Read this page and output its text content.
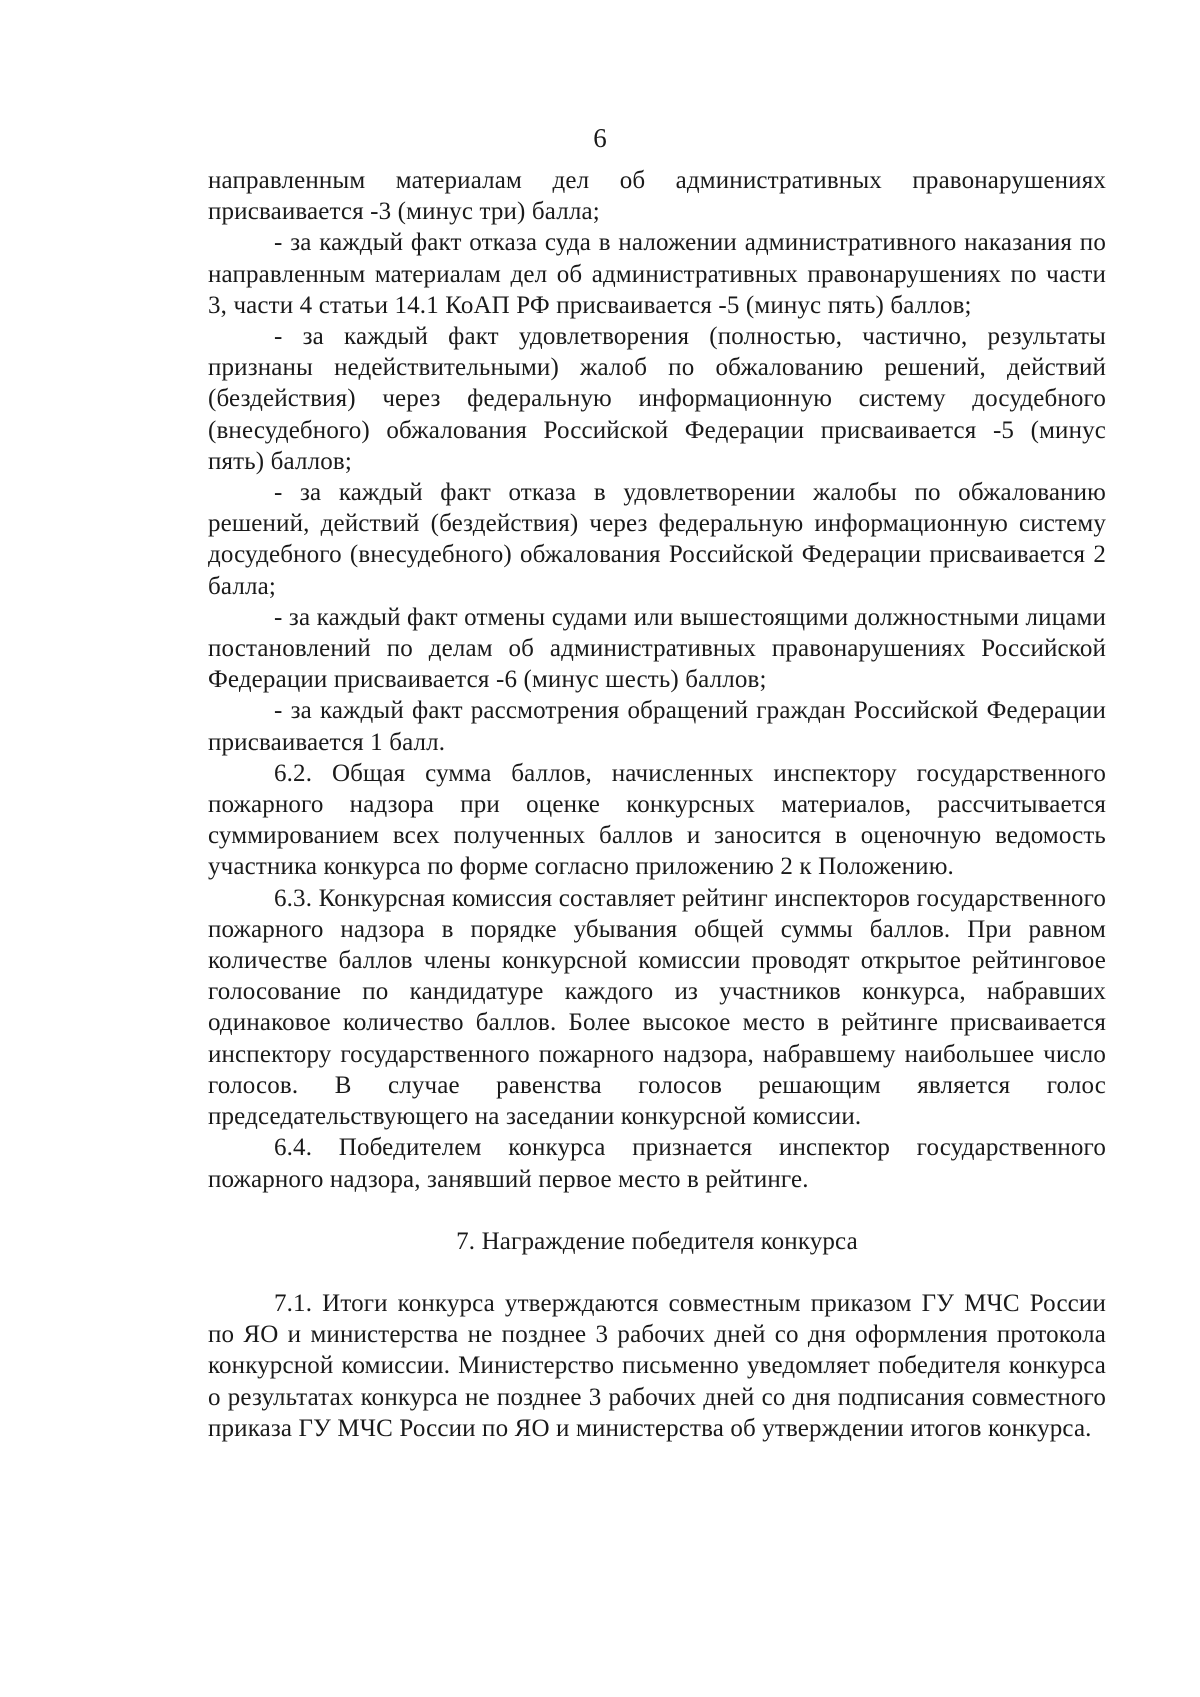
6

направленным материалам дел об административных правонарушениях присваивается -3 (минус три) балла;

- за каждый факт отказа суда в наложении административного наказания по направленным материалам дел об административных правонарушениях по части 3, части 4 статьи 14.1 КоАП РФ присваивается -5 (минус пять) баллов;

- за каждый факт удовлетворения (полностью, частично, результаты признаны недействительными) жалоб по обжалованию решений, действий (бездействия) через федеральную информационную систему досудебного (внесудебного) обжалования Российской Федерации присваивается -5 (минус пять) баллов;

- за каждый факт отказа в удовлетворении жалобы по обжалованию решений, действий (бездействия) через федеральную информационную систему досудебного (внесудебного) обжалования Российской Федерации присваивается 2 балла;

- за каждый факт отмены судами или вышестоящими должностными лицами постановлений по делам об административных правонарушениях Российской Федерации присваивается -6 (минус шесть) баллов;

- за каждый факт рассмотрения обращений граждан Российской Федерации присваивается 1 балл.

6.2. Общая сумма баллов, начисленных инспектору государственного пожарного надзора при оценке конкурсных материалов, рассчитывается суммированием всех полученных баллов и заносится в оценочную ведомость участника конкурса по форме согласно приложению 2 к Положению.

6.3. Конкурсная комиссия составляет рейтинг инспекторов государственного пожарного надзора в порядке убывания общей суммы баллов. При равном количестве баллов члены конкурсной комиссии проводят открытое рейтинговое голосование по кандидатуре каждого из участников конкурса, набравших одинаковое количество баллов. Более высокое место в рейтинге присваивается инспектору государственного пожарного надзора, набравшему наибольшее число голосов. В случае равенства голосов решающим является голос председательствующего на заседании конкурсной комиссии.

6.4. Победителем конкурса признается инспектор государственного пожарного надзора, занявший первое место в рейтинге.

7. Награждение победителя конкурса

7.1. Итоги конкурса утверждаются совместным приказом ГУ МЧС России по ЯО и министерства не позднее 3 рабочих дней со дня оформления протокола конкурсной комиссии. Министерство письменно уведомляет победителя конкурса о результатах конкурса не позднее 3 рабочих дней со дня подписания совместного приказа ГУ МЧС России по ЯО и министерства об утверждении итогов конкурса.
